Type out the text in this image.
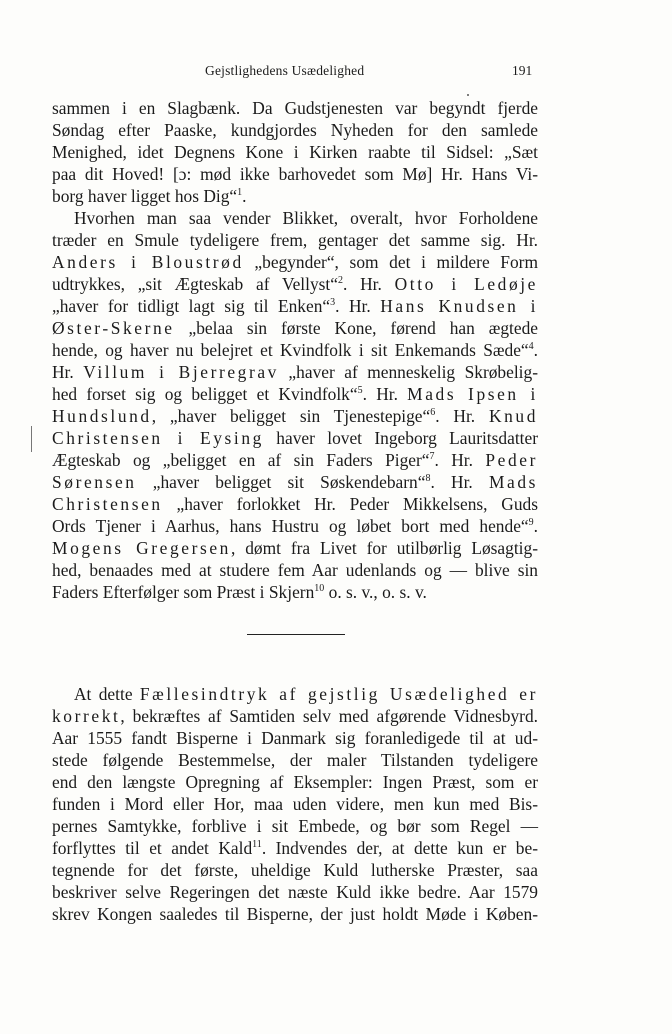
Gejstlighedens Usædelighed	191
sammen i en Slagbænk. Da Gudstjenesten var begyndt fjerde
Søndag efter Paaske, kundgjordes Nyheden for den samlede
Menighed, idet Degnens Kone i Kirken raabte til Sidsel: „Sæt
paa dit Hoved! [ɔ: mød ikke barhovedet som Mø] Hr. Hans Vi-
borg haver ligget hos Dig“$^1$.
Hvorhen man saa vender Blikket, overalt, hvor Forholdene
træder en Smule tydeligere frem, gentager det samme sig. Hr.
Anders i Bloustrød „begynder“, som det i mildere Form
udtrykkes, „sit Ægteskab af Vellyst“$^2$. Hr. Otto i Ledøje
„haver for tidligt lagt sig til Enken“$^3$. Hr. Hans Knudsen i
Øster-Skerne „belaa sin første Kone, førend han ægtede
hende, og haver nu belejret et Kvindfolk i sit Enkemands Sæde“$^4$.
Hr. Villum i Bjerregrav „haver af menneskelig Skrøbelig-
hed forset sig og beligget et Kvindfolk“$^5$. Hr. Mads Ipsen i
Hundslund, „haver beligget sin Tjenestepige“$^6$. Hr. Knud
Christensen i Eysing haver lovet Ingeborg Lauritsdatter
Ægteskab og „beligget en af sin Faders Piger“$^7$. Hr. Peder
Sørensen „haver beligget sit Søskendebarn“$^8$. Hr. Mads
Christensen „haver forlokket Hr. Peder Mikkelsens, Guds
Ords Tjener i Aarhus, hans Hustru og løbet bort med hende“$^9$.
Mogens Gregersen, dømt fra Livet for utilbørlig Løsagtig-
hed, benaades med at studere fem Aar udenlands og — blive sin
Faders Efterfølger som Præst i Skjern$^{10}$ o. s. v., o. s. v.
At dette Fællesindtryk af gejstlig Usædelighed er
korrekt, bekræftes af Samtiden selv med afgørende Vidnesbyrd.
Aar 1555 fandt Bisperne i Danmark sig foranledigede til at ud-
stede følgende Bestemmelse, der maler Tilstanden tydeligere
end den længste Opregning af Eksempler: Ingen Præst, som er
funden i Mord eller Hor, maa uden videre, men kun med Bis-
pernes Samtykke, forblive i sit Embede, og bør som Regel —
forflyttes til et andet Kald$^{11}$. Indvendes der, at dette kun er be-
tegnende for det første, uheldige Kuld lutherske Præster, saa
beskriver selve Regeringen det næste Kuld ikke bedre. Aar 1579
skrev Kongen saaledes til Bisperne, der just holdt Møde i Køben-
